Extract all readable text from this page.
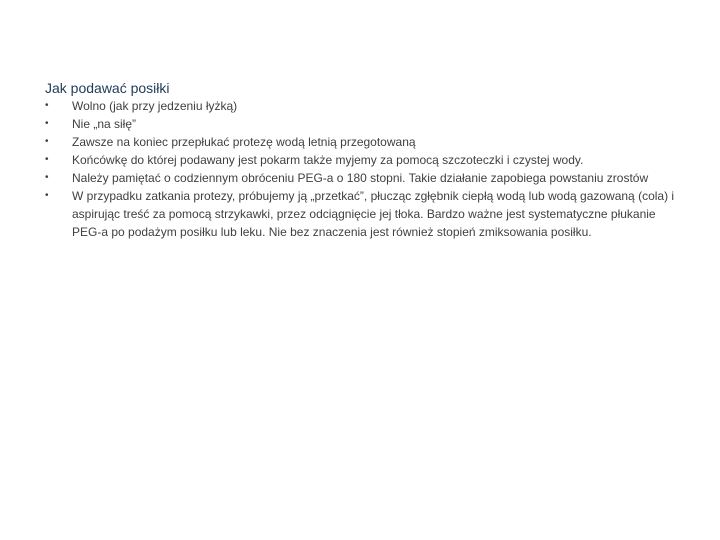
Jak podawać posiłki
•	Wolno (jak przy jedzeniu łyżką)
•	Nie „na siłę”
•	Zawsze na koniec przepłukać protezę wodą letnią przegotowaną
•	Końcówkę do której podawany jest pokarm także myjemy za pomocą szczoteczki i czystej wody.
•	Należy pamiętać o codziennym obróceniu PEG-a o 180 stopni. Takie działanie zapobiega powstaniu zrostów
•	W przypadku zatkania protezy, próbujemy ją „przetkać”, płucząc zgłębnik ciepłą wodą lub wodą gazowaną (cola) i aspirując treść za pomocą strzykawki, przez odciągnięcie jej tłoka. Bardzo ważne jest systematyczne płukanie PEG-a po podażym posiłku lub leku. Nie bez znaczenia jest również stopień zmiksowania posiłku.
